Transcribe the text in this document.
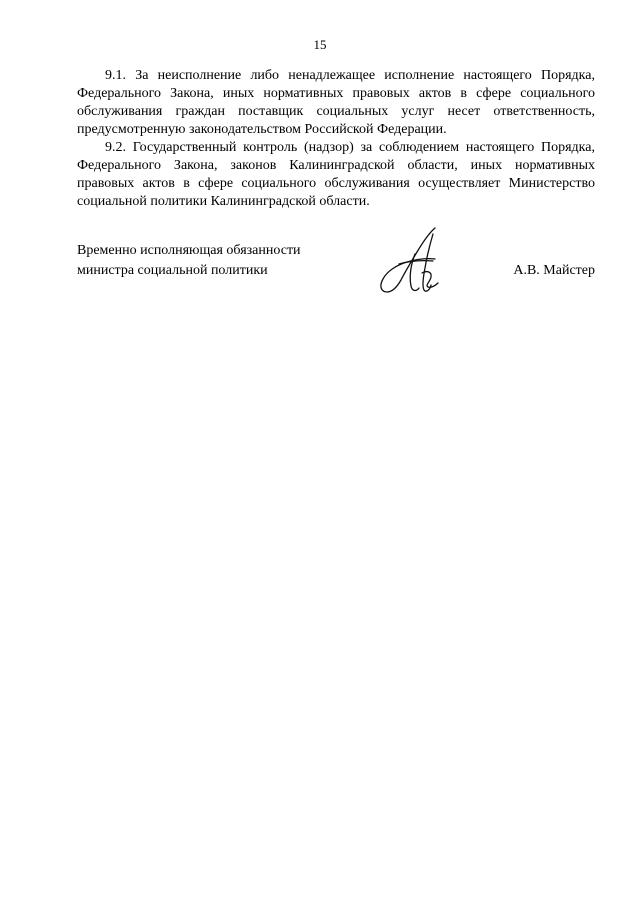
15

9.1. За неисполнение либо ненадлежащее исполнение настоящего Порядка, Федерального Закона, иных нормативных правовых актов в сфере социального обслуживания граждан поставщик социальных услуг несет ответственность, предусмотренную законодательством Российской Федерации.

9.2. Государственный контроль (надзор) за соблюдением настоящего Порядка, Федерального Закона, законов Калининградской области, иных нормативных правовых актов в сфере социального обслуживания осуществляет Министерство социальной политики Калининградской области.

Временно исполняющая обязанности
министра социальной политики	А.В. Майстер
